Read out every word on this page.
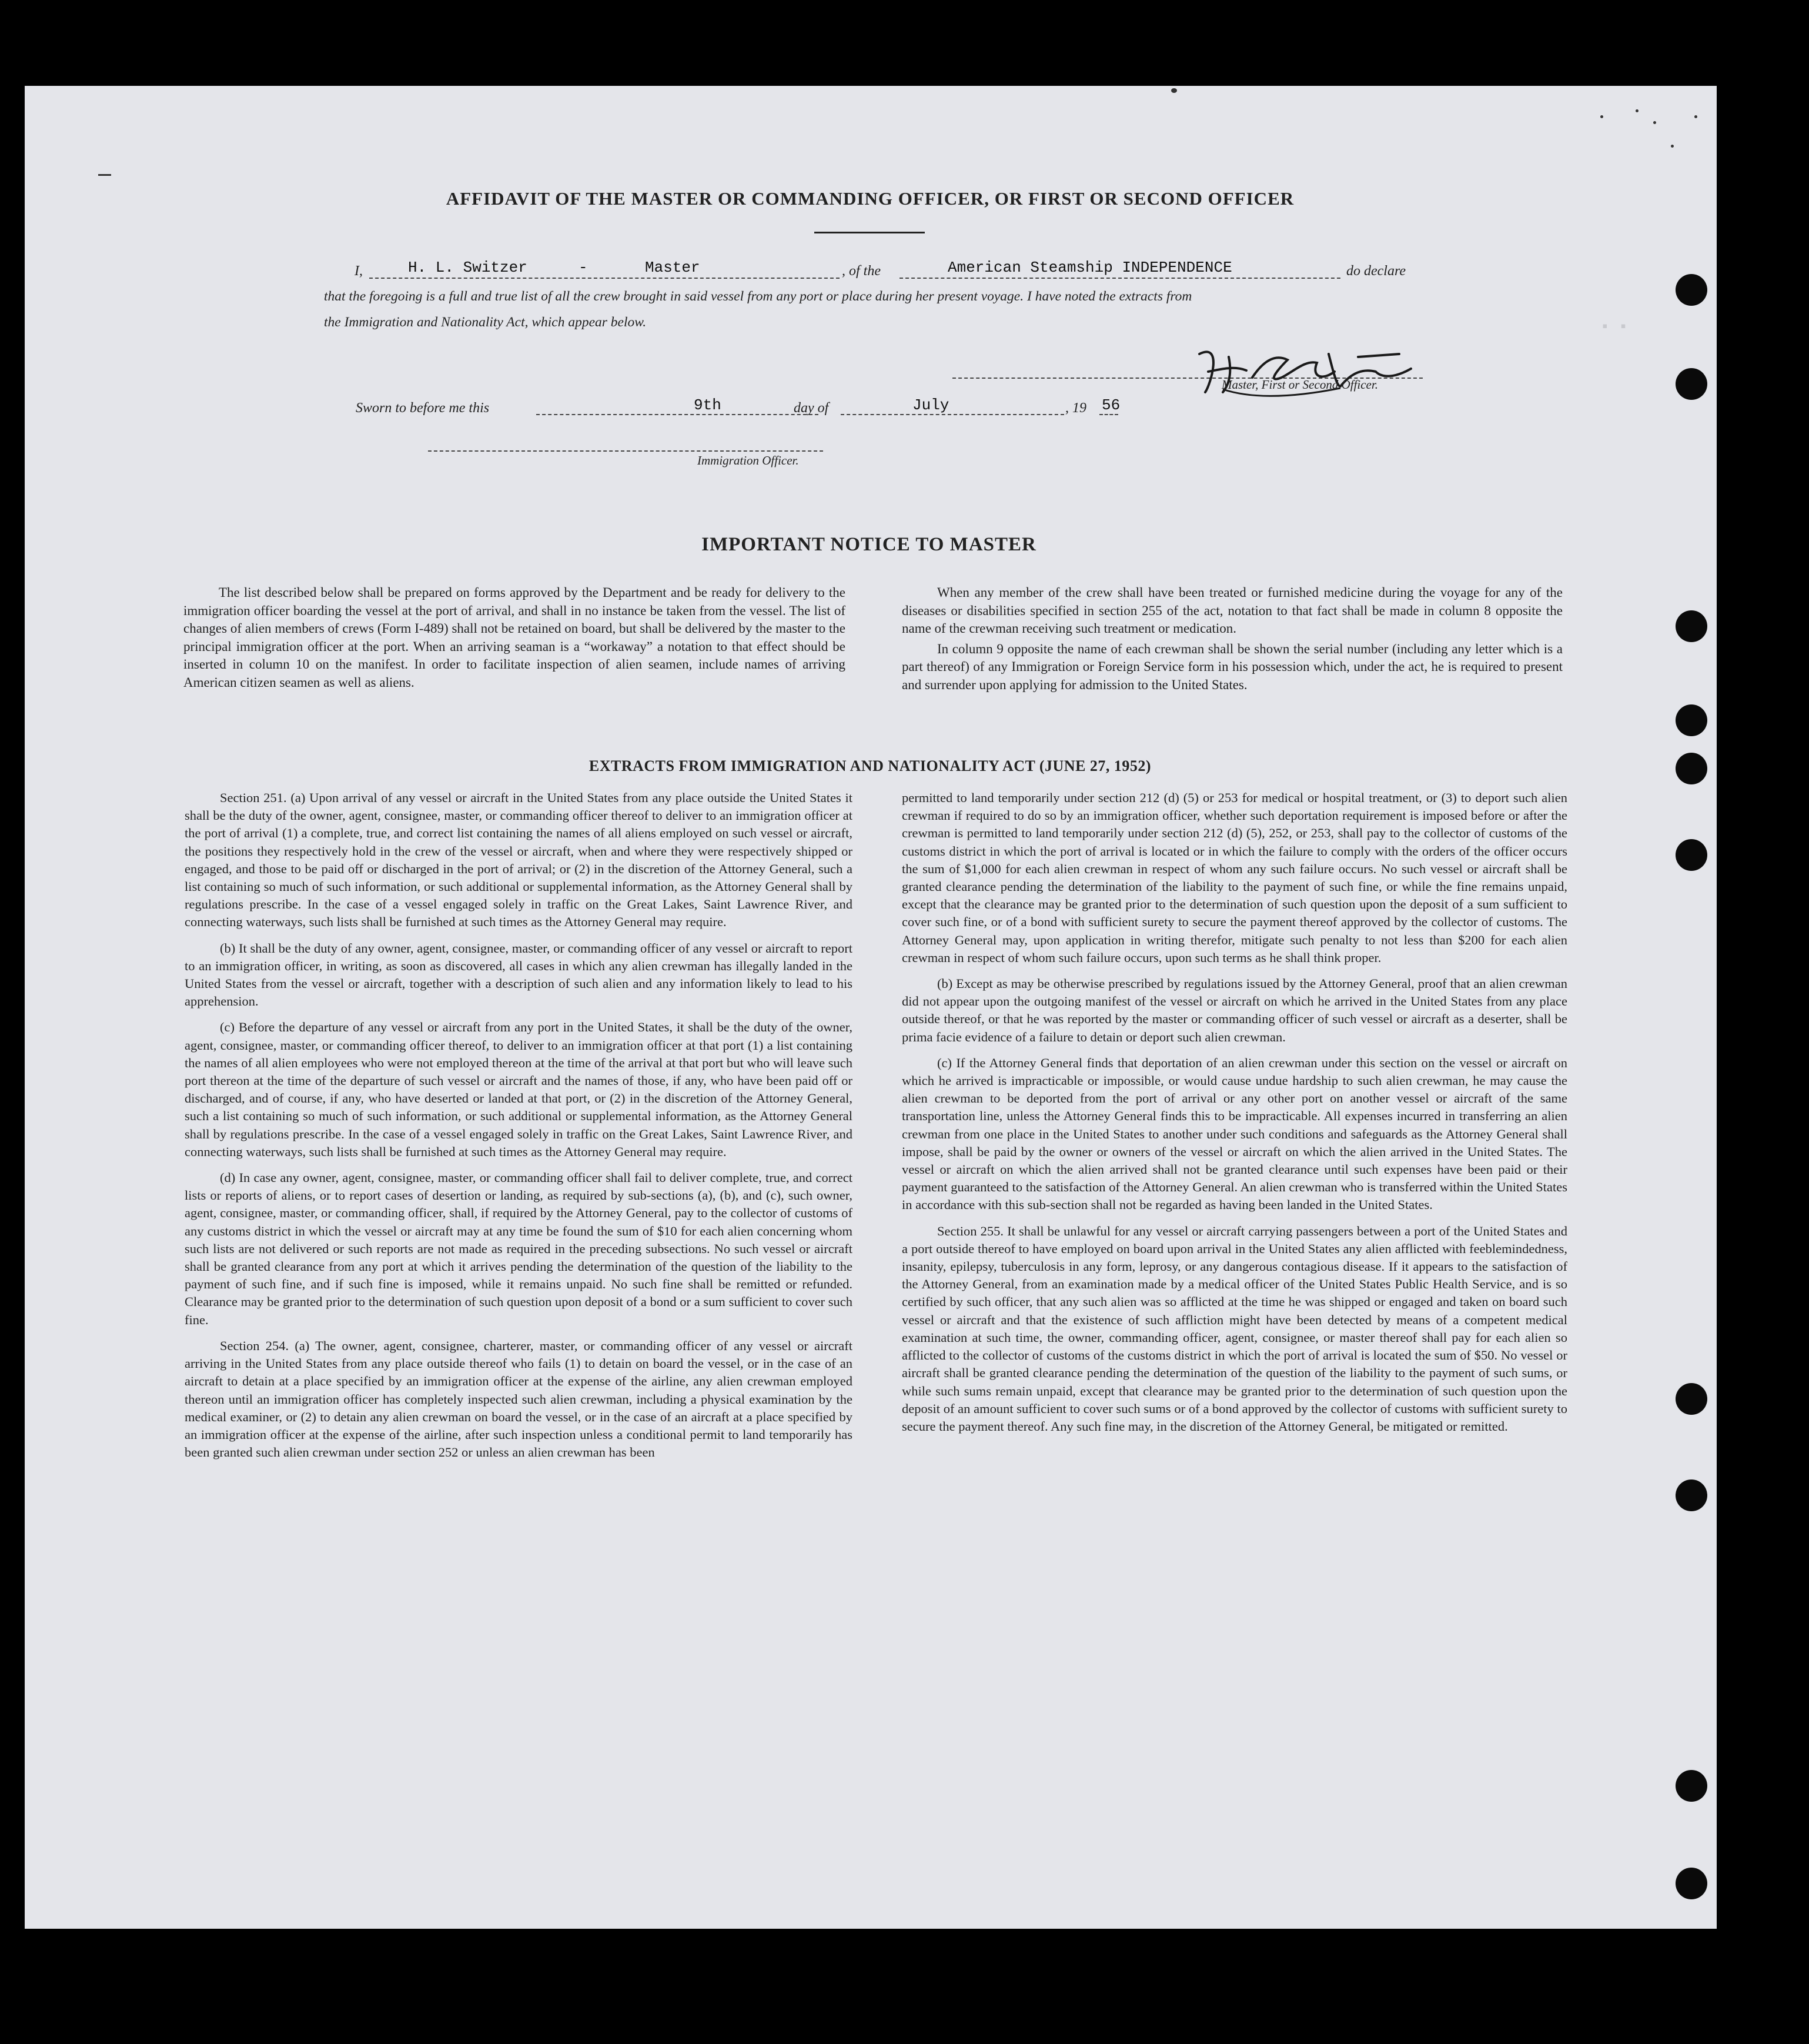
▪ ▪
AFFIDAVIT OF THE MASTER OR COMMANDING OFFICER, OR FIRST OR SECOND OFFICER
I,	H. L. Switzer	-	Master	, of the	American Steamship INDEPENDENCE	do declare
that the foregoing is a full and true list of all the crew brought in said vessel from any port or place during her present voyage. I have noted the extracts from
the Immigration and Nationality Act, which appear below.
Master, First or Second Officer.
Sworn to before me this	9th	day of	July	, 19 56
Immigration Officer.
IMPORTANT NOTICE TO MASTER

The list described below shall be prepared on forms approved by the Department and be ready for delivery to the immigration officer boarding the vessel at the port of arrival, and shall in no instance be taken from the vessel. The list of changes of alien members of crews (Form I-489) shall not be retained on board, but shall be delivered by the master to the principal immigration officer at the port. When an arriving seaman is a “workaway” a notation to that effect should be inserted in column 10 on the manifest. In order to facilitate inspection of alien seamen, include names of arriving American citizen seamen as well as aliens.

When any member of the crew shall have been treated or furnished medicine during the voyage for any of the diseases or disabilities specified in section 255 of the act, notation to that fact shall be made in column 8 opposite the name of the crewman receiving such treatment or medication.

In column 9 opposite the name of each crewman shall be shown the serial number (including any letter which is a part thereof) of any Immigration or Foreign Service form in his possession which, under the act, he is required to present and surrender upon applying for admission to the United States.

EXTRACTS FROM IMMIGRATION AND NATIONALITY ACT (JUNE 27, 1952)

Section 251. (a) Upon arrival of any vessel or aircraft in the United States from any place outside the United States it shall be the duty of the owner, agent, consignee, master, or commanding officer thereof to deliver to an immigration officer at the port of arrival (1) a complete, true, and correct list containing the names of all aliens employed on such vessel or aircraft, the positions they respectively hold in the crew of the vessel or aircraft, when and where they were respectively shipped or engaged, and those to be paid off or discharged in the port of arrival; or (2) in the discretion of the Attorney General, such a list containing so much of such information, or such additional or supplemental information, as the Attorney General shall by regulations prescribe. In the case of a vessel engaged solely in traffic on the Great Lakes, Saint Lawrence River, and connecting waterways, such lists shall be furnished at such times as the Attorney General may require.

(b) It shall be the duty of any owner, agent, consignee, master, or commanding officer of any vessel or aircraft to report to an immigration officer, in writing, as soon as discovered, all cases in which any alien crewman has illegally landed in the United States from the vessel or aircraft, together with a description of such alien and any information likely to lead to his apprehension.

(c) Before the departure of any vessel or aircraft from any port in the United States, it shall be the duty of the owner, agent, consignee, master, or commanding officer thereof, to deliver to an immigration officer at that port (1) a list containing the names of all alien employees who were not employed thereon at the time of the arrival at that port but who will leave such port thereon at the time of the departure of such vessel or aircraft and the names of those, if any, who have been paid off or discharged, and of course, if any, who have deserted or landed at that port, or (2) in the discretion of the Attorney General, such a list containing so much of such information, or such additional or supplemental information, as the Attorney General shall by regulations prescribe. In the case of a vessel engaged solely in traffic on the Great Lakes, Saint Lawrence River, and connecting waterways, such lists shall be furnished at such times as the Attorney General may require.

(d) In case any owner, agent, consignee, master, or commanding officer shall fail to deliver complete, true, and correct lists or reports of aliens, or to report cases of desertion or landing, as required by sub-sections (a), (b), and (c), such owner, agent, consignee, master, or commanding officer, shall, if required by the Attorney General, pay to the collector of customs of any customs district in which the vessel or aircraft may at any time be found the sum of $10 for each alien concerning whom such lists are not delivered or such reports are not made as required in the preceding subsections. No such vessel or aircraft shall be granted clearance from any port at which it arrives pending the determination of the question of the liability to the payment of such fine, and if such fine is imposed, while it remains unpaid. No such fine shall be remitted or refunded. Clearance may be granted prior to the determination of such question upon deposit of a bond or a sum sufficient to cover such fine.

Section 254. (a) The owner, agent, consignee, charterer, master, or commanding officer of any vessel or aircraft arriving in the United States from any place outside thereof who fails (1) to detain on board the vessel, or in the case of an aircraft to detain at a place specified by an immigration officer at the expense of the airline, any alien crewman employed thereon until an immigration officer has completely inspected such alien crewman, including a physical examination by the medical examiner, or (2) to detain any alien crewman on board the vessel, or in the case of an aircraft at a place specified by an immigration officer at the expense of the airline, after such inspection unless a conditional permit to land temporarily has been granted such alien crewman under section 252 or unless an alien crewman has been

permitted to land temporarily under section 212 (d) (5) or 253 for medical or hospital treatment, or (3) to deport such alien crewman if required to do so by an immigration officer, whether such deportation requirement is imposed before or after the crewman is permitted to land temporarily under section 212 (d) (5), 252, or 253, shall pay to the collector of customs of the customs district in which the port of arrival is located or in which the failure to comply with the orders of the officer occurs the sum of $1,000 for each alien crewman in respect of whom any such failure occurs. No such vessel or aircraft shall be granted clearance pending the determination of the liability to the payment of such fine, or while the fine remains unpaid, except that the clearance may be granted prior to the determination of such question upon the deposit of a sum sufficient to cover such fine, or of a bond with sufficient surety to secure the payment thereof approved by the collector of customs. The Attorney General may, upon application in writing therefor, mitigate such penalty to not less than $200 for each alien crewman in respect of whom such failure occurs, upon such terms as he shall think proper.

(b) Except as may be otherwise prescribed by regulations issued by the Attorney General, proof that an alien crewman did not appear upon the outgoing manifest of the vessel or aircraft on which he arrived in the United States from any place outside thereof, or that he was reported by the master or commanding officer of such vessel or aircraft as a deserter, shall be prima facie evidence of a failure to detain or deport such alien crewman.

(c) If the Attorney General finds that deportation of an alien crewman under this section on the vessel or aircraft on which he arrived is impracticable or impossible, or would cause undue hardship to such alien crewman, he may cause the alien crewman to be deported from the port of arrival or any other port on another vessel or aircraft of the same transportation line, unless the Attorney General finds this to be impracticable. All expenses incurred in transferring an alien crewman from one place in the United States to another under such conditions and safeguards as the Attorney General shall impose, shall be paid by the owner or owners of the vessel or aircraft on which the alien arrived in the United States. The vessel or aircraft on which the alien arrived shall not be granted clearance until such expenses have been paid or their payment guaranteed to the satisfaction of the Attorney General. An alien crewman who is transferred within the United States in accordance with this sub-section shall not be regarded as having been landed in the United States.

Section 255. It shall be unlawful for any vessel or aircraft carrying passengers between a port of the United States and a port outside thereof to have employed on board upon arrival in the United States any alien afflicted with feeblemindedness, insanity, epilepsy, tuberculosis in any form, leprosy, or any dangerous contagious disease. If it appears to the satisfaction of the Attorney General, from an examination made by a medical officer of the United States Public Health Service, and is so certified by such officer, that any such alien was so afflicted at the time he was shipped or engaged and taken on board such vessel or aircraft and that the existence of such affliction might have been detected by means of a competent medical examination at such time, the owner, commanding officer, agent, consignee, or master thereof shall pay for each alien so afflicted to the collector of customs of the customs district in which the port of arrival is located the sum of $50. No vessel or aircraft shall be granted clearance pending the determination of the question of the liability to the payment of such sums, or while such sums remain unpaid, except that clearance may be granted prior to the determination of such question upon the deposit of an amount sufficient to cover such sums or of a bond approved by the collector of customs with sufficient surety to secure the payment thereof. Any such fine may, in the discretion of the Attorney General, be mitigated or remitted.
